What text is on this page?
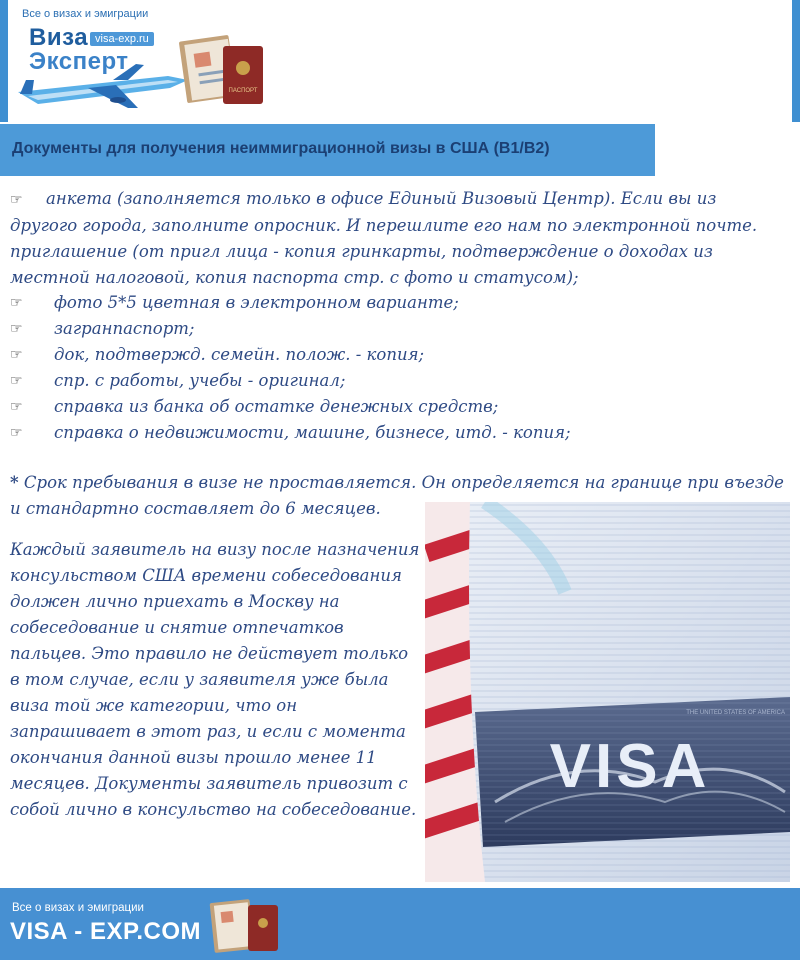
Все о визах и эмиграции
ПАСПОРТ
Виза visa-exp.ru
Эксперт
Документы для получения неиммиграционной визы в США (В1/В2)

☞ анкета (заполняется только в офисе Единый Визовый Центр). Если вы из другого города, заполните опросник. И перешлите его нам по электронной почте. приглашение (от пригл лица - копия гринкарты, подтверждение о доходах из местной налоговой, копия паспорта стр. с фото и статусом);

☞	фото 5*5 цветная в электронном варианте;
☞	загранпаспорт;
☞	док, подтвержд. семейн. полож. - копия;
☞	спр. с работы, учебы - оригинал;
☞	справка из банка об остатке денежных средств;
☞	справка о недвижимости, машине, бизнесе, итд. - копия;

* Срок пребывания в визе не проставляется. Он определяется на границе при въезде и стандартно составляет до 6 месяцев.

VISA
THE UNITED STATES OF AMERICA

Каждый заявитель на визу после назначения консульством США времени собеседования должен лично приехать в Москву на собеседование и снятие отпечатков пальцев. Это правило не действует только в том случае, если у заявителя уже была виза той же категории, что он запрашивает в этот раз, и если с момента окончания данной визы прошло менее 11 месяцев. Документы заявитель привозит с собой лично в консульство на собеседование.

Все о визах и эмиграции
VISA - EXP.COM
